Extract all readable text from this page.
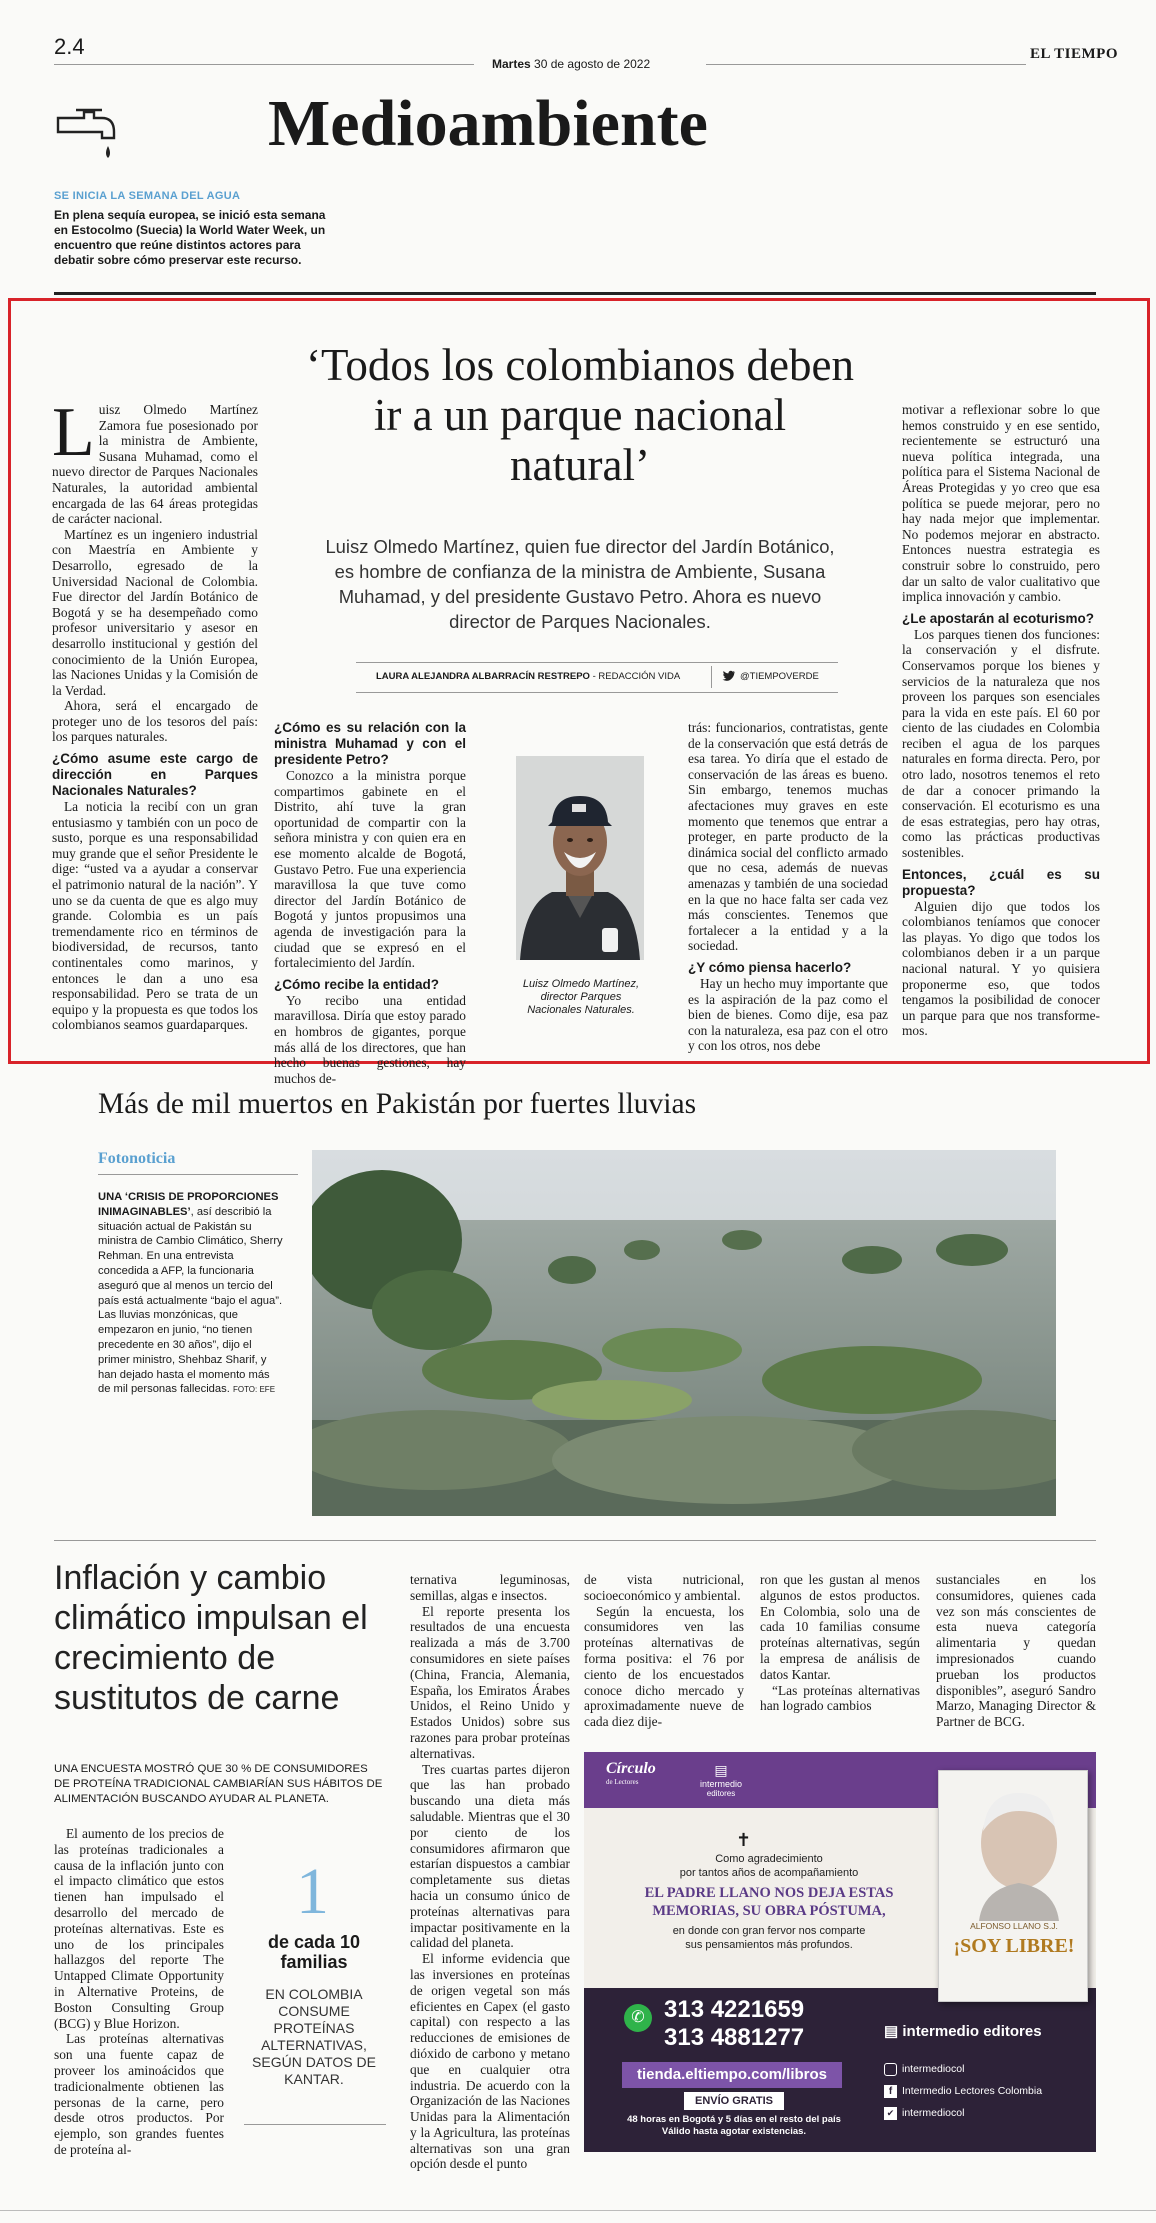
2.4
Martes 30 de agosto de 2022
EL TIEMPO
Medioambiente
SE INICIA LA SEMANA DEL AGUA
En plena sequía europea, se inició esta semana en Estocolmo (Suecia) la World Water Week, un encuentro que reúne distintos actores para debatir sobre cómo preservar este recurso.
L uisz Olmedo Martínez Zamora fue posesionado por la ministra de Ambiente, Susana Muhamad, como el nuevo director de Parques Nacionales Naturales, la autoridad ambiental encargada de las 64 áreas protegidas de carácter nacional.

Martínez es un ingeniero industrial con Maestría en Ambiente y Desarrollo, egresado de la Universidad Nacional de Colombia. Fue director del Jardín Botánico de Bogotá y se ha desempeñado como profesor universitario y asesor en desarrollo institucional y gestión del conocimiento de la Unión Europea, las Naciones Unidas y la Comisión de la Verdad.

Ahora, será el encargado de proteger uno de los tesoros del país: los parques naturales.

¿Cómo asume este cargo de dirección en Parques Nacionales Naturales?

La noticia la recibí con un gran entusiasmo y también con un poco de susto, porque es una responsabilidad muy grande que el señor Presidente le dige: “usted va a ayudar a conservar el patrimonio natural de la nación”. Y uno se da cuenta de que es algo muy grande. Colombia es un país tremendamente rico en términos de biodiversidad, de recursos, tanto continentales como marinos, y entonces le dan a uno esa responsabilidad. Pero se trata de un equipo y la propuesta es que todos los colombianos seamos guardaparques.

‘Todos los colombianos deben ir a un parque nacional natural’
Luisz Olmedo Martínez, quien fue director del Jardín Botánico, es hombre de confianza de la ministra de Ambiente, Susana Muhamad, y del presidente Gustavo Petro. Ahora es nuevo director de Parques Nacionales.
LAURA ALEJANDRA ALBARRACÍN RESTREPO - REDACCIÓN VIDA	@TIEMPOVERDE
¿Cómo es su relación con la ministra Muhamad y con el presidente Petro?

Conozco a la ministra porque compartimos gabinete en el Distrito, ahí tuve la gran oportunidad de compartir con la señora ministra y con quien era en ese momento alcalde de Bogotá, Gustavo Petro. Fue una experiencia maravillosa la que tuve como director del Jardín Botánico de Bogotá y juntos propusimos una agenda de investigación para la ciudad que se expresó en el fortalecimiento del Jardín.

¿Cómo recibe la entidad?

Yo recibo una entidad maravillosa. Diría que estoy parado en hombros de gigantes, porque más allá de los directores, que han hecho buenas gestiones, hay muchos de-

Luisz Olmedo Martínez, director Parques Nacionales Naturales.
trás: funcionarios, contratistas, gente de la conservación que está detrás de esa tarea. Yo diría que el estado de conservación de las áreas es bueno. Sin embargo, tenemos muchas afectaciones muy graves en este momento que tenemos que entrar a proteger, en parte producto de la dinámica social del conflicto armado que no cesa, además de nuevas amenazas y también de una sociedad en la que no hace falta ser cada vez más conscientes. Tenemos que fortalecer a la entidad y a la sociedad.
¿Y cómo piensa hacerlo?

Hay un hecho muy importante que es la aspiración de la paz como el bien de bienes. Como dije, esa paz con la naturaleza, esa paz con el otro y con los otros, nos debe

motivar a reflexionar sobre lo que hemos construido y en ese sentido, recientemente se estructuró una nueva política integrada, una política para el Sistema Nacional de Áreas Protegidas y yo creo que esa política se puede mejorar, pero no hay nada mejor que implementar. No podemos mejorar en abstracto. Entonces nuestra estrategia es construir sobre lo construido, pero dar un salto de valor cualitativo que implica innovación y cambio.
¿Le apostarán al ecoturismo?

Los parques tienen dos funciones: la conservación y el disfrute. Conservamos porque los bienes y servicios de la naturaleza que nos proveen los parques son esenciales para la vida en este país. El 60 por ciento de las ciudades en Colombia reciben el agua de los parques naturales en forma directa. Pero, por otro lado, nosotros tenemos el reto de dar a conocer primando la conservación. El ecoturismo es una de esas estrategias, pero hay otras, como las prácticas productivas sostenibles.

Entonces, ¿cuál es su propuesta?

Alguien dijo que todos los colombianos teníamos que conocer las playas. Yo digo que todos los colombianos deben ir a un parque nacional natural. Y yo quisiera proponerme eso, que todos tengamos la posibilidad de conocer un parque para que nos transforme-mos.

Más de mil muertos en Pakistán por fuertes lluvias
Fotonoticia
UNA ‘CRISIS DE PROPORCIONES INIMAGINABLES’, así describió la situación actual de Pakistán su ministra de Cambio Climático, Sherry Rehman. En una entrevista concedida a AFP, la funcionaria aseguró que al menos un tercio del país está actualmente “bajo el agua”. Las lluvias monzónicas, que empezaron en junio, “no tienen precedente en 30 años”, dijo el primer ministro, Shehbaz Sharif, y han dejado hasta el momento más de mil personas fallecidas. FOTO: EFE
Inflación y cambio climático impulsan el crecimiento de sustitutos de carne
UNA ENCUESTA MOSTRÓ QUE 30 % DE CONSUMIDORES DE PROTEÍNA TRADICIONAL CAMBIARÍAN SUS HÁBITOS DE ALIMENTACIÓN BUSCANDO AYUDAR AL PLANETA.

El aumento de los precios de las proteínas tradicionales a causa de la inflación junto con el impacto climático que estos tienen han impulsado el desarrollo del mercado de proteínas alternativas. Este es uno de los principales hallazgos del reporte The Untapped Climate Opportunity in Alternative Proteins, de Boston Consulting Group (BCG) y Blue Horizon.

Las proteínas alternativas son una fuente capaz de proveer los aminoácidos que tradicionalmente obtienen las personas de la carne, pero desde otros productos. Por ejemplo, son grandes fuentes de proteína al-

1
de cada 10 familias
EN COLOMBIA CONSUME PROTEÍNAS ALTERNATIVAS, SEGÚN DATOS DE KANTAR.
ternativa leguminosas, semillas, algas e insectos.

El reporte presenta los resultados de una encuesta realizada a más de 3.700 consumidores en siete países (China, Francia, Alemania, España, los Emiratos Árabes Unidos, el Reino Unido y Estados Unidos) sobre sus razones para probar proteínas alternativas.

Tres cuartas partes dijeron que las han probado buscando una dieta más saludable. Mientras que el 30 por ciento de los consumidores afirmaron que estarían dispuestos a cambiar completamente sus dietas hacia un consumo único de proteínas alternativas para impactar positivamente en la calidad del planeta.

El informe evidencia que las inversiones en proteínas de origen vegetal son más eficientes en Capex (el gasto capital) con respecto a las reducciones de emisiones de dióxido de carbono y metano que en cualquier otra industria. De acuerdo con la Organización de las Naciones Unidas para la Alimentación y la Agricultura, las proteínas alternativas son una gran opción desde el punto

de vista nutricional, socioeconómico y ambiental.

Según la encuesta, los consumidores ven las proteínas alternativas de forma positiva: el 76 por ciento de los encuestados conoce dicho mercado y aproximadamente nueve de cada diez dije-

ron que les gustan al menos algunos de estos productos. En Colombia, solo una de cada 10 familias consume proteínas alternativas, según la empresa de análisis de datos Kantar.

“Las proteínas alternativas han logrado cambios

sustanciales en los consumidores, quienes cada vez son más conscientes de esta nueva categoría alimentaria y quedan impresionados cuando prueban los productos disponibles”, aseguró Sandro Marzo, Managing Director & Partner de BCG.
Círculo
de Lectores
▤
intermedio
editores
✝
Como agradecimiento
por tantos años de acompañamiento
EL PADRE LLANO NOS DEJA ESTAS MEMORIAS, SU OBRA PÓSTUMA,
en donde con gran fervor nos comparte
sus pensamientos más profundos.
ALFONSO LLANO S.J.
¡SOY LIBRE!
✆ 313 4221659
313 4881277
tienda.eltiempo.com/libros
ENVÍO GRATIS
48 horas en Bogotá y 5 días en el resto del país
Válido hasta agotar existencias.
▤ intermedio editores
intermediocol
f Intermedio Lectores Colombia
✔ intermediocol
